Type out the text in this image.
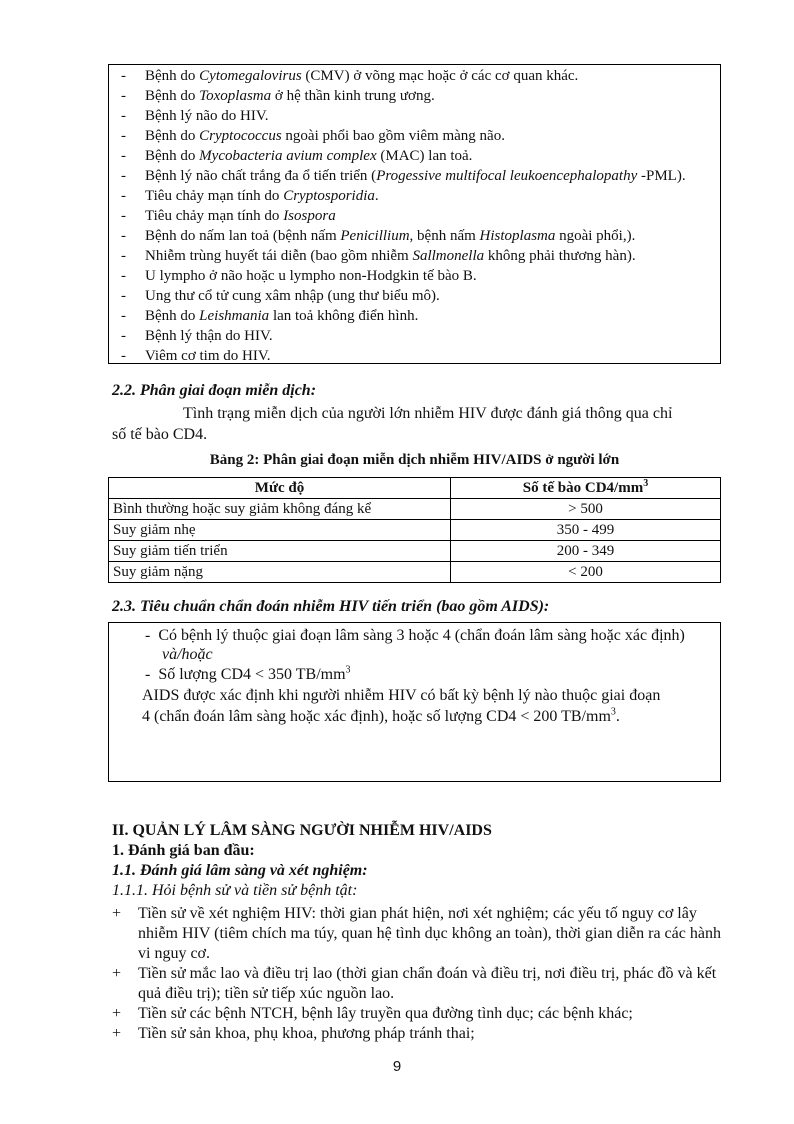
- Bệnh do Cytomegalovirus (CMV) ở võng mạc hoặc ở các cơ quan khác.
- Bệnh do Toxoplasma ở hệ thần kinh trung ương.
- Bệnh lý não do HIV.
- Bệnh do Cryptococcus ngoài phổi bao gồm viêm màng não.
- Bệnh do Mycobacteria avium complex (MAC) lan toả.
- Bệnh lý não chất trắng đa ổ tiến triển (Progessive multifocal leukoencephalopathy -PML).
- Tiêu chảy mạn tính do Cryptosporidia.
- Tiêu chảy mạn tính do Isospora
- Bệnh do nấm lan toả (bệnh nấm Penicillium, bệnh nấm Histoplasma ngoài phổi,).
- Nhiễm trùng huyết tái diễn (bao gồm nhiễm Sallmonella không phải thương hàn).
- U lympho ở não hoặc u lympho non-Hodgkin tế bào B.
- Ung thư cổ tử cung xâm nhập (ung thư biểu mô).
- Bệnh do Leishmania lan toả không điển hình.
- Bệnh lý thận do HIV.
- Viêm cơ tim do HIV.
2.2. Phân giai đoạn miễn dịch:
Tình trạng miễn dịch của người lớn nhiễm HIV được đánh giá thông qua chỉ
số tế bào CD4.
Bảng 2: Phân giai đoạn miễn dịch nhiễm HIV/AIDS ở người lớn
Mức độ	Số tế bào $CD4/mm^3$
Bình thường hoặc suy giảm không đáng kể	> 500
Suy giảm nhẹ	350 - 499
Suy giảm tiến triển	200 - 349
Suy giảm nặng	< 200
2.3. Tiêu chuẩn chẩn đoán nhiễm HIV tiến triển (bao gồm AIDS):
- Có bệnh lý thuộc giai đoạn lâm sàng 3 hoặc 4 (chẩn đoán lâm sàng hoặc xác định)
và/hoặc
- Số lượng CD4 < 350 $TB/mm^3$
AIDS được xác định khi người nhiễm HIV có bất kỳ bệnh lý nào thuộc giai đoạn
4 (chẩn đoán lâm sàng hoặc xác định), hoặc số lượng CD4 < 200 $TB/mm^3$.
II. QUẢN LÝ LÂM SÀNG NGƯỜI NHIỄM HIV/AIDS
1. Đánh giá ban đầu:
1.1. Đánh giá lâm sàng và xét nghiệm:
1.1.1. Hỏi bệnh sử và tiền sử bệnh tật:
+ Tiền sử về xét nghiệm HIV: thời gian phát hiện, nơi xét nghiệm; các yếu tố nguy cơ lây nhiễm HIV (tiêm chích ma túy, quan hệ tình dục không an toàn), thời gian diễn ra các hành vi nguy cơ.
+ Tiền sử mắc lao và điều trị lao (thời gian chẩn đoán và điều trị, nơi điều trị, phác đồ và kết quả điều trị); tiền sử tiếp xúc nguồn lao.
+ Tiền sử các bệnh NTCH, bệnh lây truyền qua đường tình dục; các bệnh khác;
+ Tiền sử sản khoa, phụ khoa, phương pháp tránh thai;
9
